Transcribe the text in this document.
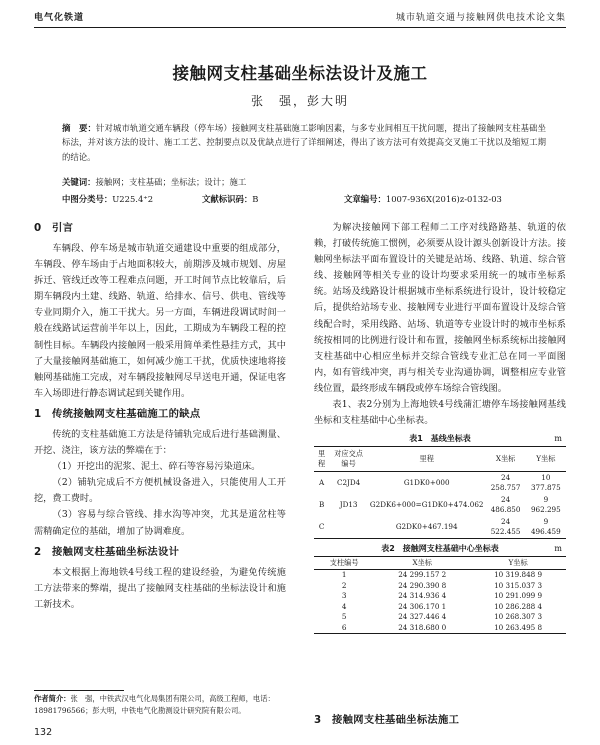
电气化铁道	城市轨道交通与接触网供电技术论文集
接触网支柱基础坐标法设计及施工
张　强，彭大明
摘　要：针对城市轨道交通车辆段（停车场）接触网支柱基础施工影响因素，与多专业间相互干扰问题，提出了接触网支柱基础坐标法，并对该方法的设计、施工工艺、控制要点以及优缺点进行了详细阐述，得出了该方法可有效提高交叉施工干扰以及缩短工期的结论。
关键词：接触网；支柱基础；坐标法；设计；施工
中图分类号：U225.4⁺2	文献标识码：B	文章编号：1007-936X(2016)z-0132-03
0　引言

车辆段、停车场是城市轨道交通建设中重要的组成部分，车辆段、停车场由于占地面积较大，前期涉及城市规划、房屋拆迁、管线迁改等工程难点问题，开工时间节点比较靠后，后期车辆段内土建、线路、轨道、给排水、信号、供电、管线等专业同期介入，施工干扰大。另一方面，车辆进段调试时间一般在线路试运营前半年以上，因此，工期成为车辆段工程的控制性目标。车辆段内接触网一般采用简单柔性悬挂方式，其中了大量接触网基础施工，如何减少施工干扰，优质快速地将接触网基础施工完成，对车辆段接触网尽早送电开通，保证电客车入场即进行静态调试起到关键作用。

1　传统接触网支柱基础施工的缺点

传统的支柱基础施工方法是待铺轨完成后进行基础测量、开挖、浇注，该方法的弊端在于：

（1）开挖出的泥浆、泥土、碎石等容易污染道床。

（2）铺轨完成后不方便机械设备进入，只能使用人工开挖，费工费时。

（3）容易与综合管线、排水沟等冲突，尤其是道岔柱等需精确定位的基础，增加了协调难度。

2　接触网支柱基础坐标法设计

本文根据上海地铁4号线工程的建设经验，为避免传统施工方法带来的弊端，提出了接触网支柱基础的坐标法设计和施工新技术。

为解决接触网下部工程师二工序对线路路基、轨道的依赖，打破传统施工惯例，必须要从设计源头创新设计方法。接触网坐标法平面布置设计的关键是站场、线路、轨道、综合管线、接触网等相关专业的设计均要求采用统一的城市坐标系统。站场及线路设计根据城市坐标系统进行设计，设计较稳定后，提供给站场专业、接触网专业进行平面布置设计及综合管线配合时，采用线路、站场、轨道等专业设计时的城市坐标系统按相同的比例进行设计和布置，接触网坐标系统标出接触网支柱基础中心相应坐标并交综合管线专业汇总在同一平面图内，如有管线冲突，再与相关专业沟通协调，调整相应专业管线位置，最终形成车辆段或停车场综合管线图。

表1、表2分别为上海地铁4号线蒲汇塘停车场接触网基线坐标和支柱基础中心坐标表。

表1　基线坐标表	m
里程	对应交点编号	里程	X坐标	Y坐标
A	C2JD4	G1DK0+000	24 258.757	10 377.875
B	JD13	G2DK6+000=G1DK0+474.062	24 486.850	9 962.295
C		G2DK0+467.194	24 522.455	9 496.459
表2　接触网支柱基础中心坐标表	m
支柱编号	X坐标	Y坐标
1	24 299.157 2	10 319.848 9
2	24 290.390 8	10 315.037 3
3	24 314.936 4	10 291.099 9
4	24 306.170 1	10 286.288 4
5	24 327.446 4	10 268.307 3
6	24 318.680 0	10 263.495 8
作者简介：张　强，中铁武汉电气化局集团有限公司，高级工程师，电话：18981796566；彭大明，中铁电气化勘测设计研究院有限公司。
132
3　接触网支柱基础坐标法施工
